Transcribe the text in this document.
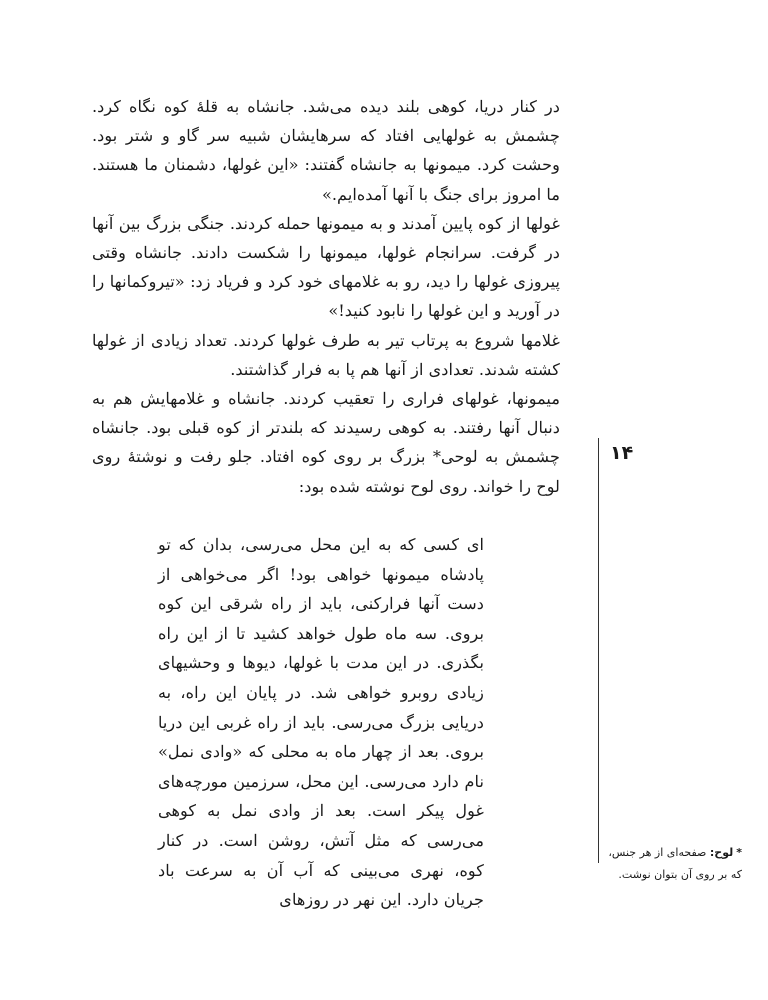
در کنار دریا، کوهی بلند دیده می‌شد. جانشاه به قلهٔ کوه نگاه کرد. چشمش به غولهایی افتاد که سرهایشان شبیه سر گاو و شتر بود. وحشت کرد. میمونها به جانشاه گفتند: «این غولها، دشمنان ما هستند. ما امروز برای جنگ با آنها آمده‌ایم.»

غولها از کوه پایین آمدند و به میمونها حمله کردند. جنگی بزرگ بین آنها در گرفت. سرانجام غولها، میمونها را شکست دادند. جانشاه وقتی پیروزی غولها را دید، رو به غلامهای خود کرد و فریاد زد: «تیروکمانها را در آورید و این غولها را نابود کنید!»

غلامها شروع به پرتاب تیر به طرف غولها کردند. تعداد زیادی از غولها کشته شدند. تعدادی از آنها هم پا به فرار گذاشتند.

میمونها، غولهای فراری را تعقیب کردند. جانشاه و غلامهایش هم به دنبال آنها رفتند. به کوهی رسیدند که بلندتر از کوه قبلی بود. جانشاه چشمش به لوحی* بزرگ بر روی کوه افتاد. جلو رفت و نوشتهٔ روی لوح را خواند. روی لوح نوشته شده بود:

ای کسی که به این محل می‌رسی، بدان که تو پادشاه میمونها خواهی بود! اگر می‌خواهی از دست آنها فرارکنی، باید از راه شرقی این کوه بروی. سه ماه طول خواهد کشید تا از این راه بگذری. در این مدت با غولها، دیوها و وحشیهای زیادی روبرو خواهی شد. در پایان این راه، به دریایی بزرگ می‌رسی. باید از راه غربی این دریا بروی. بعد از چهار ماه به محلی که «وادی نمل» نام دارد می‌رسی. این محل، سرزمین مورچه‌های غول پیکر است. بعد از وادی نمل به کوهی می‌رسی که مثل آتش، روشن است. در کنار کوه، نهری می‌بینی که آب آن به سرعت باد جریان دارد. این نهر در روزهای

۱۴
*لوح: صفحه‌ای از هر جنس، که بر روی آن بتوان نوشت.
